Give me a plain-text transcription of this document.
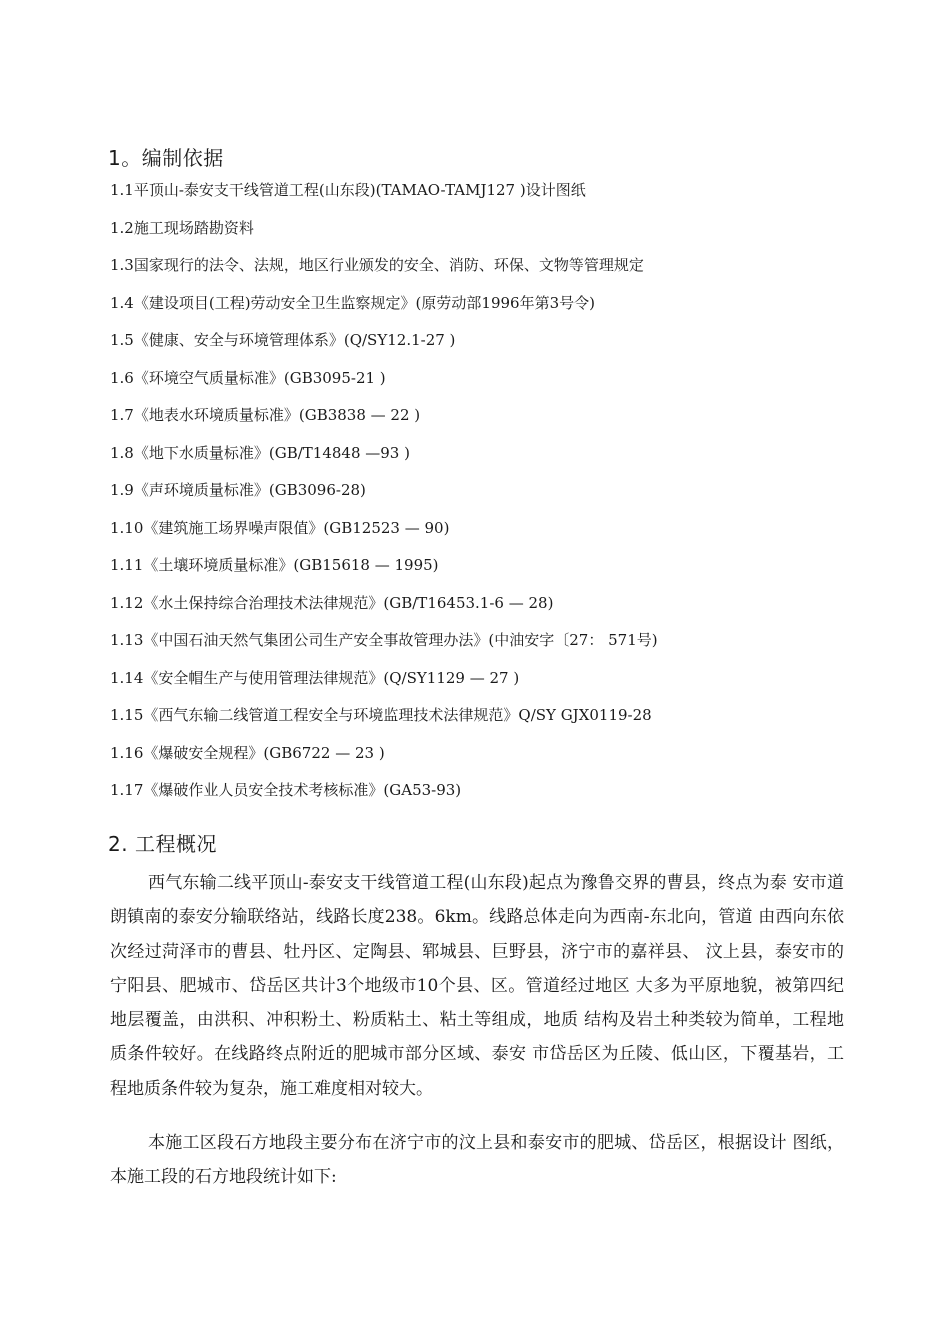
1。编制依据
1.1平顶山-泰安支干线管道工程(山东段)(TAMAO-TAMJ127 )设计图纸
1.2施工现场踏勘资料
1.3国家现行的法令、法规，地区行业颁发的安全、消防、环保、文物等管理规定
1.4《建设项目(工程)劳动安全卫生监察规定》(原劳动部1996年第3号令)
1.5《健康、安全与环境管理体系》(Q/SY12.1-27 )
1.6《环境空气质量标准》(GB3095-21 )
1.7《地表水环境质量标准》(GB3838 — 22 )
1.8《地下水质量标准》(GB/T14848 —93 )
1.9《声环境质量标准》(GB3096-28)
1.10《建筑施工场界噪声限值》(GB12523 — 90)
1.11《土壤环境质量标准》(GB15618 — 1995)
1.12《水土保持综合治理技术法律规范》(GB/T16453.1-6 — 28)
1.13《中国石油天然气集团公司生产安全事故管理办法》(中油安字〔27： 571号)
1.14《安全帽生产与使用管理法律规范》(Q/SY1129 — 27 )
1.15《西气东输二线管道工程安全与环境监理技术法律规范》Q/SY GJX0119-28
1.16《爆破安全规程》(GB6722 — 23 )
1.17《爆破作业人员安全技术考核标准》(GA53-93)
2. 工程概况

西气东输二线平顶山-泰安支干线管道工程(山东段)起点为豫鲁交界的曹县，终点为泰 安市道朗镇南的泰安分输联络站，线路长度238。6km。线路总体走向为西南-东北向，管道 由西向东依次经过菏泽市的曹县、牡丹区、定陶县、郓城县、巨野县，济宁市的嘉祥县、 汶上县，泰安市的宁阳县、肥城市、岱岳区共计3个地级市10个县、区。管道经过地区 大多为平原地貌，被第四纪地层覆盖，由洪积、冲积粉土、粉质粘土、粘土等组成，地质 结构及岩土种类较为简单，工程地质条件较好。在线路终点附近的肥城市部分区域、泰安 市岱岳区为丘陵、低山区，下覆基岩，工程地质条件较为复杂，施工难度相对较大。

本施工区段石方地段主要分布在济宁市的汶上县和泰安市的肥城、岱岳区，根据设计 图纸，本施工段的石方地段统计如下:
